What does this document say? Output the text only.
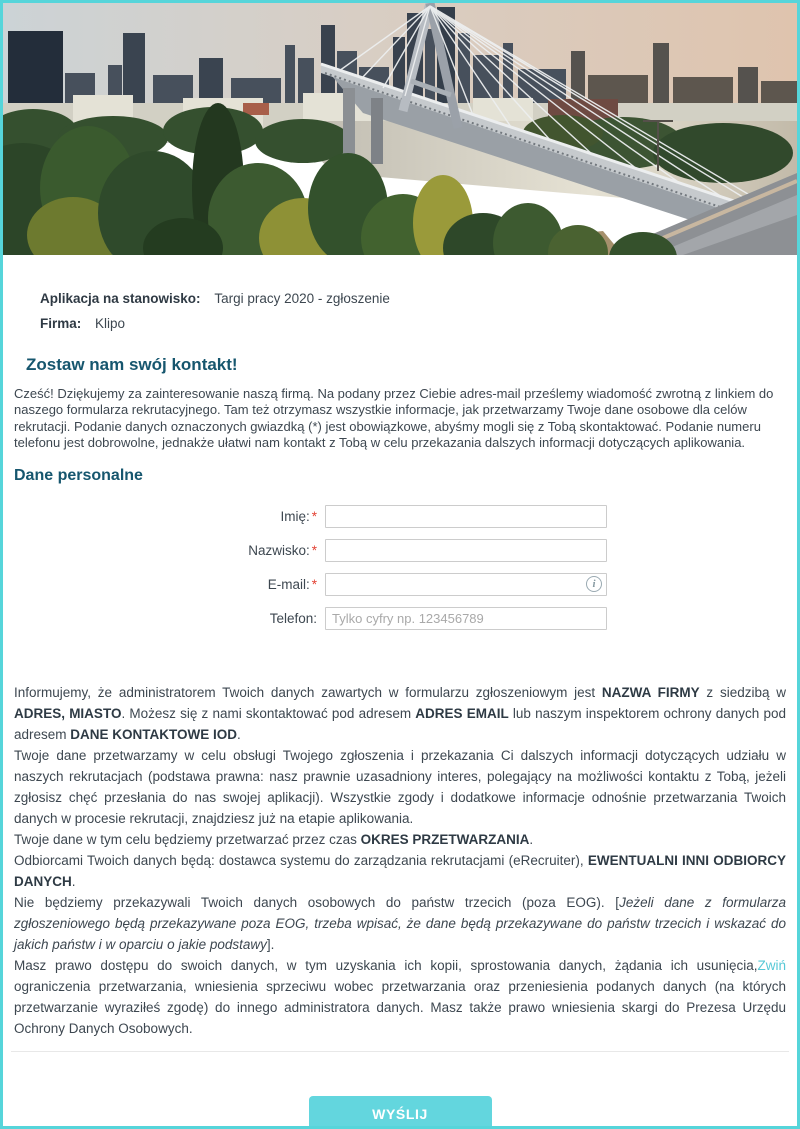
Aplikacja na stanowisko: Targi pracy 2020 - zgłoszenie
Firma: Klipo
Zostaw nam swój kontakt!

Cześć! Dziękujemy za zainteresowanie naszą firmą. Na podany przez Ciebie adres-mail prześlemy wiadomość zwrotną z linkiem do naszego formularza rekrutacyjnego. Tam też otrzymasz wszystkie informacje, jak przetwarzamy Twoje dane osobowe dla celów rekrutacji. Podanie danych oznaczonych gwiazdką (*) jest obowiązkowe, abyśmy mogli się z Tobą skontaktować. Podanie numeru telefonu jest dobrowolne, jednakże ułatwi nam kontakt z Tobą w celu przekazania dalszych informacji dotyczących aplikowania.

Dane personalne
Imię: *
Nazwisko: *
E-mail: *	i
Telefon:
Tylko cyfry np. 123456789

Informujemy, że administratorem Twoich danych zawartych w formularzu zgłoszeniowym jest NAZWA FIRMY z siedzibą w ADRES, MIASTO. Możesz się z nami skontaktować pod adresem ADRES EMAIL lub naszym inspektorem ochrony danych pod adresem DANE KONTAKTOWE IOD.

Twoje dane przetwarzamy w celu obsługi Twojego zgłoszenia i przekazania Ci dalszych informacji dotyczących udziału w naszych rekrutacjach (podstawa prawna: nasz prawnie uzasadniony interes, polegający na możliwości kontaktu z Tobą, jeżeli zgłosisz chęć przesłania do nas swojej aplikacji). Wszystkie zgody i dodatkowe informacje odnośnie przetwarzania Twoich danych w procesie rekrutacji, znajdziesz już na etapie aplikowania.

Twoje dane w tym celu będziemy przetwarzać przez czas OKRES PRZETWARZANIA.

Odbiorcami Twoich danych będą: dostawca systemu do zarządzania rekrutacjami (eRecruiter), EWENTUALNI INNI ODBIORCY DANYCH.

Nie będziemy przekazywali Twoich danych osobowych do państw trzecich (poza EOG). [Jeżeli dane z formularza zgłoszeniowego będą przekazywane poza EOG, trzeba wpisać, że dane będą przekazywane do państw trzecich i wskazać do jakich państw i w oparciu o jakie podstawy].

Zwiń
Masz prawo dostępu do swoich danych, w tym uzyskania ich kopii, sprostowania danych, żądania ich usunięcia, ograniczenia przetwarzania, wniesienia sprzeciwu wobec przetwarzania oraz przeniesienia podanych danych (na których przetwarzanie wyraziłeś zgodę) do innego administratora danych. Masz także prawo wniesienia skargi do Prezesa Urzędu Ochrony Danych Osobowych.

WYŚLIJ
